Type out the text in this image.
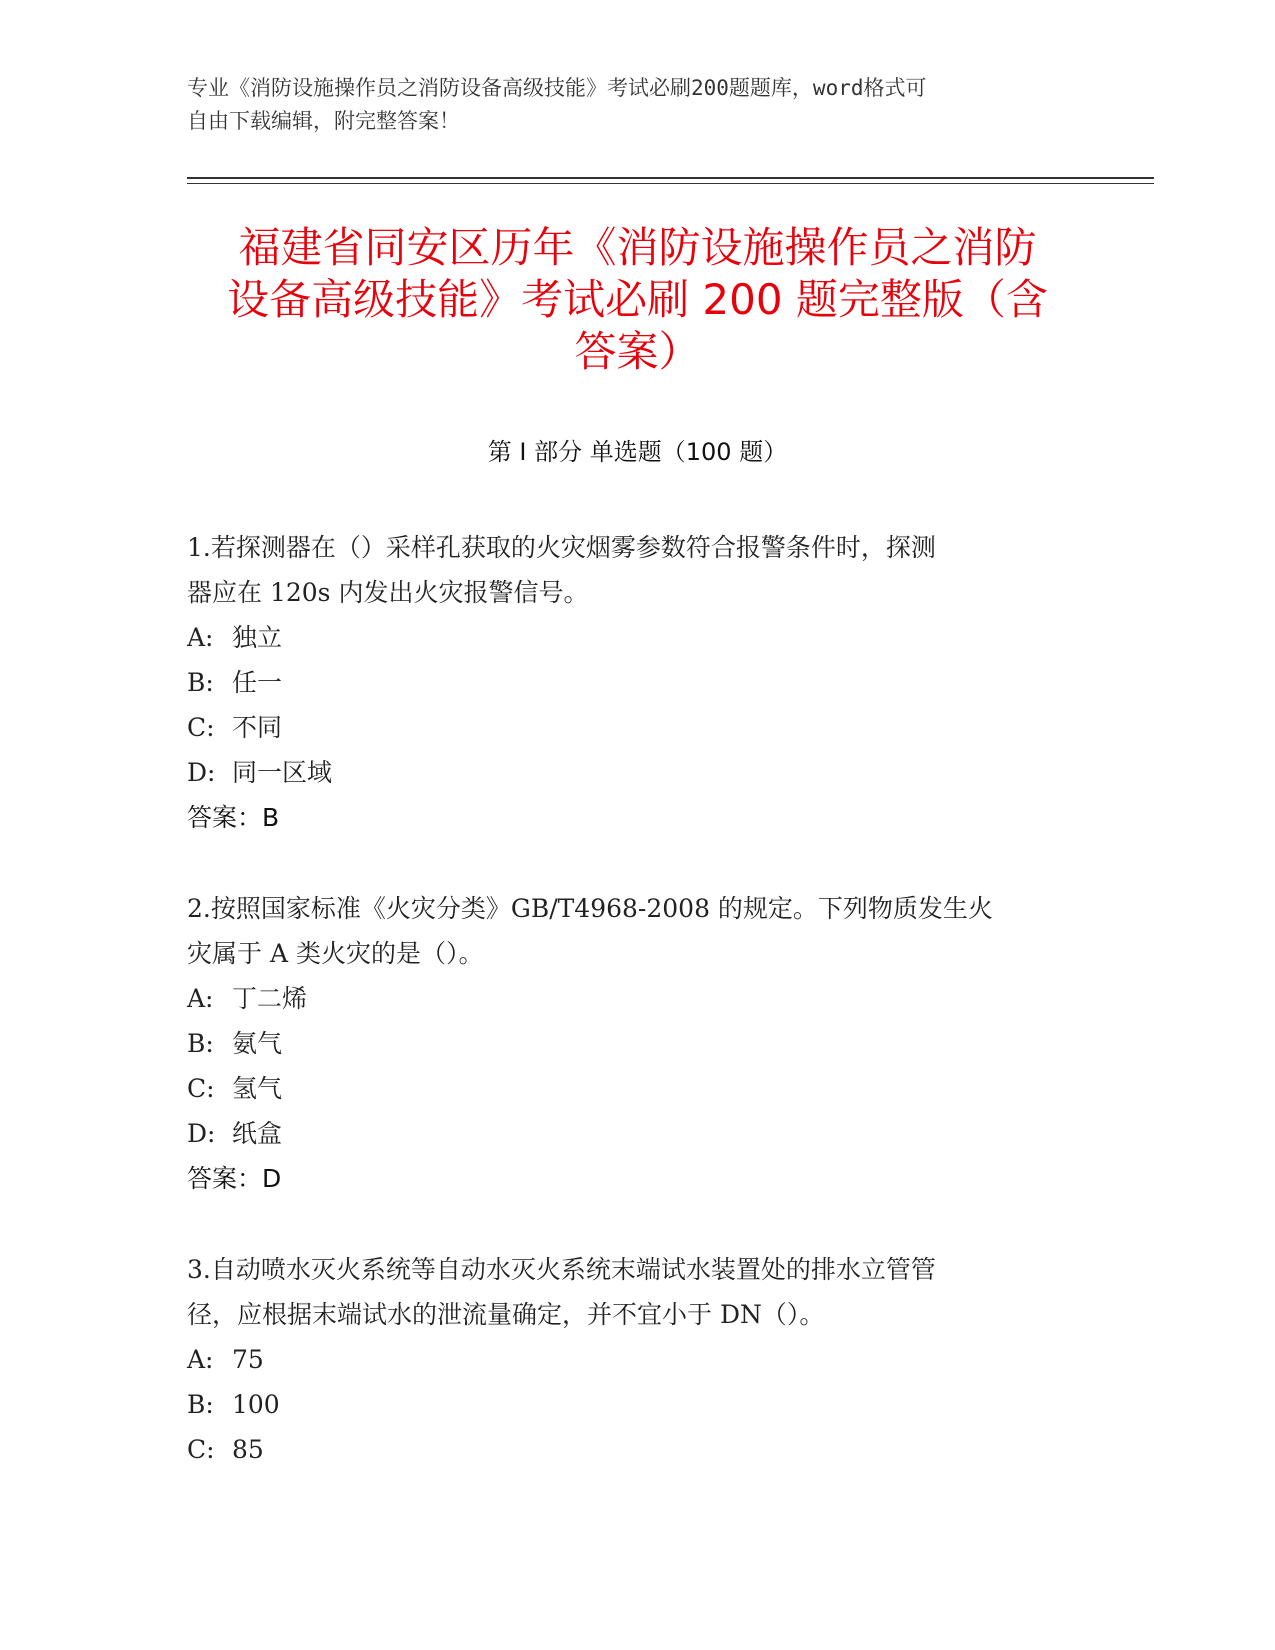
专业《消防设施操作员之消防设备高级技能》考试必刷200题题库，word格式可
自由下载编辑，附完整答案！
福建省同安区历年《消防设施操作员之消防
设备高级技能》考试必刷 200 题完整版（含
答案）
第 I 部分 单选题（100 题）
1.若探测器在（）采样孔获取的火灾烟雾参数符合报警条件时，探测
器应在 120s 内发出火灾报警信号。
A: 独立
B: 任一
C: 不同
D: 同一区域
答案：B
2.按照国家标准《火灾分类》GB/T4968-2008 的规定。下列物质发生火
灾属于 A 类火灾的是（）。
A: 丁二烯
B: 氨气
C: 氢气
D: 纸盒
答案：D
3.自动喷水灭火系统等自动水灭火系统末端试水装置处的排水立管管
径，应根据末端试水的泄流量确定，并不宜小于 DN（）。
A: 75
B: 100
C: 85
